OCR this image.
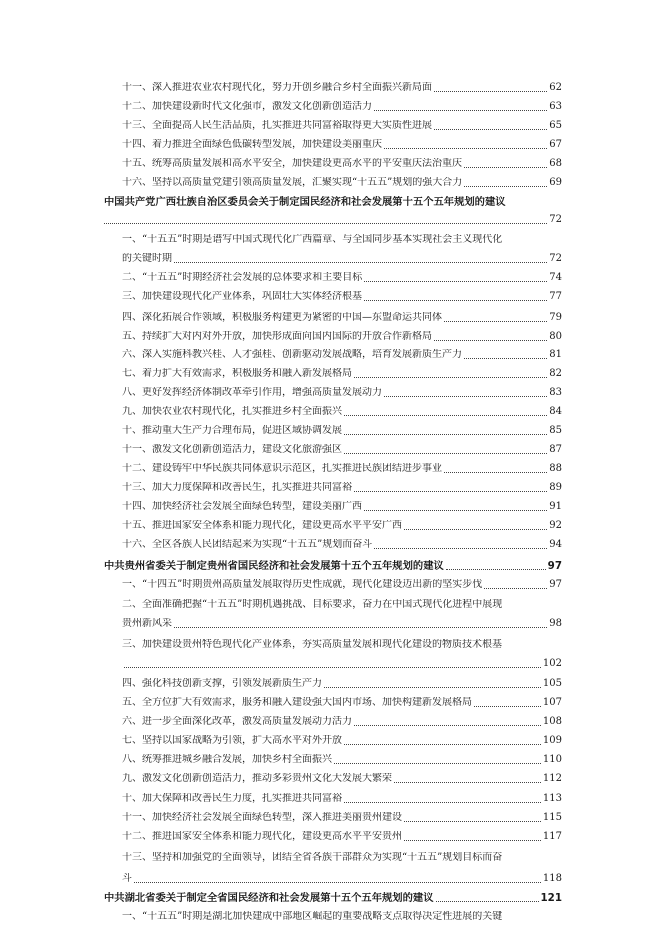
十一、深入推进农业农村现代化，努力开创乡融合乡村全面振兴新局面	62
十二、加快建设新时代文化强市，激发文化创新创造活力	63
十三、全面提高人民生活品质，扎实推进共同富裕取得更大实质性进展	65
十四、着力推进全面绿色低碳转型发展，加快建设美丽重庆	67
十五、统筹高质量发展和高水平安全，加快建设更高水平的平安重庆法治重庆	68
十六、坚持以高质量党建引领高质量发展，汇聚实现“十五五”规划的强大合力	69
中国共产党广西壮族自治区委员会关于制定国民经济和社会发展第十五个五年规划的建议
72
一、“十五五”时期是谱写中国式现代化广西篇章、与全国同步基本实现社会主义现代化
的关键时期	72
二、“十五五”时期经济社会发展的总体要求和主要目标	74
三、加快建设现代化产业体系，巩固壮大实体经济根基	77
四、深化拓展合作领域，积极服务构建更为紧密的中国—东盟命运共同体	79
五、持续扩大对内对外开放，加快形成面向国内国际的开放合作新格局	80
六、深入实施科教兴桂、人才强桂、创新驱动发展战略，培育发展新质生产力	81
七、着力扩大有效需求，积极服务和融入新发展格局	82
八、更好发挥经济体制改革牵引作用，增强高质量发展动力	83
九、加快农业农村现代化，扎实推进乡村全面振兴	84
十、推动重大生产力合理布局，促进区域协调发展	85
十一、激发文化创新创造活力，建设文化旅游强区	87
十二、建设铸牢中华民族共同体意识示范区，扎实推进民族团结进步事业	88
十三、加大力度保障和改善民生，扎实推进共同富裕	89
十四、加快经济社会发展全面绿色转型，建设美丽广西	91
十五、推进国家安全体系和能力现代化，建设更高水平平安广西	92
十六、全区各族人民团结起来为实现“十五五”规划而奋斗	94
中共贵州省委关于制定贵州省国民经济和社会发展第十五个五年规划的建议	97
一、“十四五”时期贵州高质量发展取得历史性成就，现代化建设迈出新的坚实步伐	97
二、全面准确把握“十五五”时期机遇挑战、目标要求，奋力在中国式现代化进程中展现
贵州新风采	98
三、加快建设贵州特色现代化产业体系，夯实高质量发展和现代化建设的物质技术根基
102
四、强化科技创新支撑，引领发展新质生产力	105
五、全方位扩大有效需求，服务和融入建设强大国内市场、加快构建新发展格局	107
六、进一步全面深化改革，激发高质量发展动力活力	108
七、坚持以国家战略为引领，扩大高水平对外开放	109
八、统筹推进城乡融合发展，加快乡村全面振兴	110
九、激发文化创新创造活力，推动多彩贵州文化大发展大繁荣	112
十、加大保障和改善民生力度，扎实推进共同富裕	113
十一、加快经济社会发展全面绿色转型，深入推进美丽贵州建设	115
十二、推进国家安全体系和能力现代化，建设更高水平平安贵州	117
十三、坚持和加强党的全面领导，团结全省各族干部群众为实现“十五五”规划目标而奋
斗	118
中共湖北省委关于制定全省国民经济和社会发展第十五个五年规划的建议	121
一、“十五五”时期是湖北加快建成中部地区崛起的重要战略支点取得决定性进展的关键
